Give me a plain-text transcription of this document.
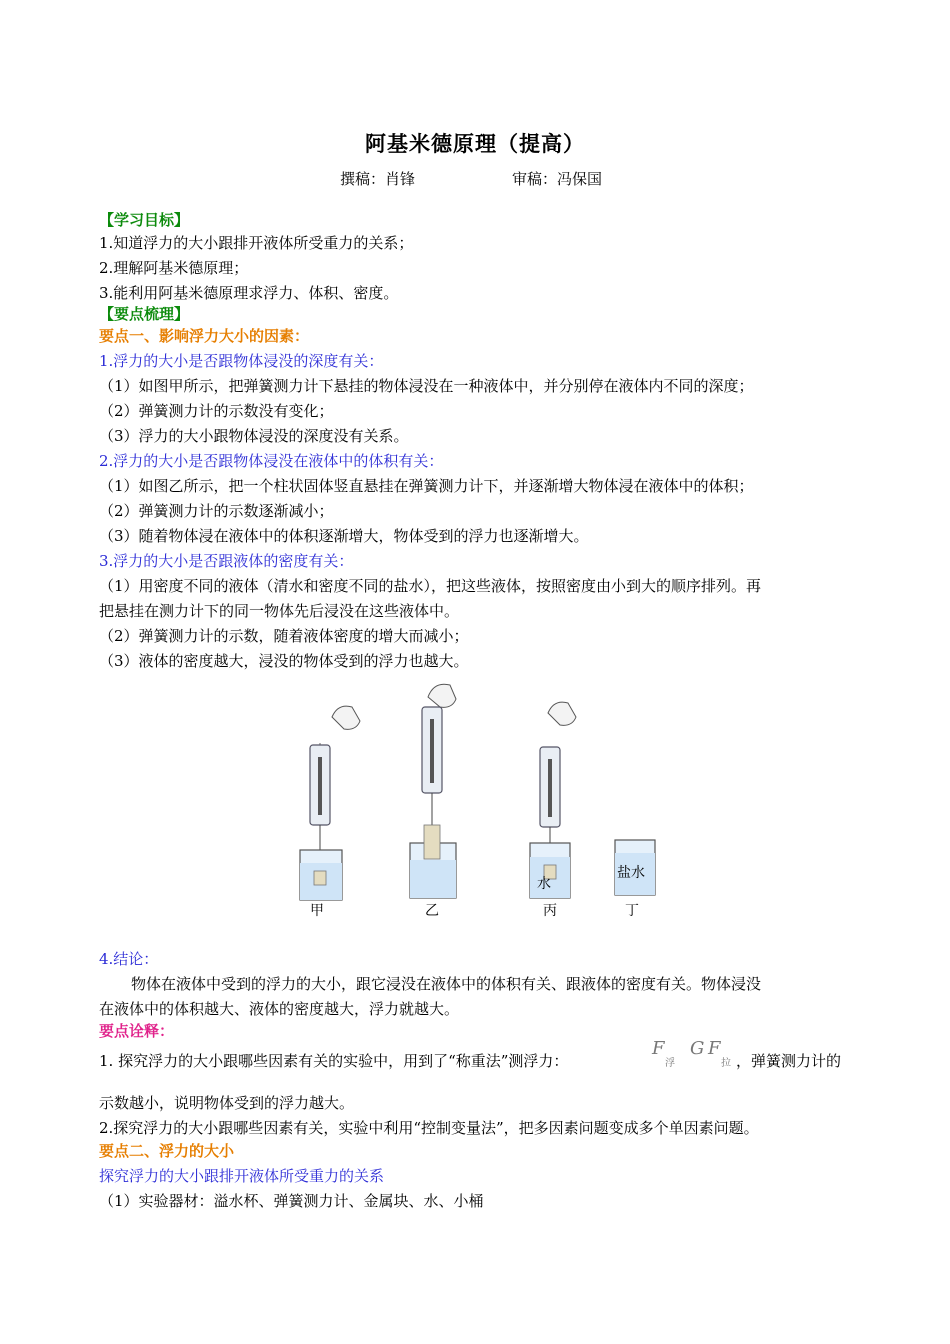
阿基米德原理（提高）
撰稿：肖锋	审稿：冯保国
【学习目标】
1.知道浮力的大小跟排开液体所受重力的关系；
2.理解阿基米德原理；
3.能利用阿基米德原理求浮力、体积、密度。
【要点梳理】
要点一、影响浮力大小的因素：
1.浮力的大小是否跟物体浸没的深度有关：
（1）如图甲所示，把弹簧测力计下悬挂的物体浸没在一种液体中，并分别停在液体内不同的深度；
（2）弹簧测力计的示数没有变化；
（3）浮力的大小跟物体浸没的深度没有关系。
2.浮力的大小是否跟物体浸没在液体中的体积有关：
（1）如图乙所示，把一个柱状固体竖直悬挂在弹簧测力计下，并逐渐增大物体浸在液体中的体积；
（2）弹簧测力计的示数逐渐减小；
（3）随着物体浸在液体中的体积逐渐增大，物体受到的浮力也逐渐增大。
3.浮力的大小是否跟液体的密度有关：
（1）用密度不同的液体（清水和密度不同的盐水），把这些液体，按照密度由小到大的顺序排列。再
把悬挂在测力计下的同一物体先后浸没在这些液体中。
（2）弹簧测力计的示数，随着液体密度的增大而减小；
（3）液体的密度越大，浸没的物体受到的浮力也越大。
水
盐水
甲	乙	丙	丁
4.结论：
物体在液体中受到的浮力的大小，跟它浸没在液体中的体积有关、跟液体的密度有关。物体浸没
在液体中的体积越大、液体的密度越大，浮力就越大。
要点诠释：
1. 探究浮力的大小跟哪些因素有关的实验中，用到了“称重法”测浮力：
F
浮
G F
拉 ，弹簧测力计的
示数越小，说明物体受到的浮力越大。
2.探究浮力的大小跟哪些因素有关，实验中利用“控制变量法”，把多因素问题变成多个单因素问题。
要点二、浮力的大小
探究浮力的大小跟排开液体所受重力的关系
（1）实验器材：溢水杯、弹簧测力计、金属块、水、小桶
